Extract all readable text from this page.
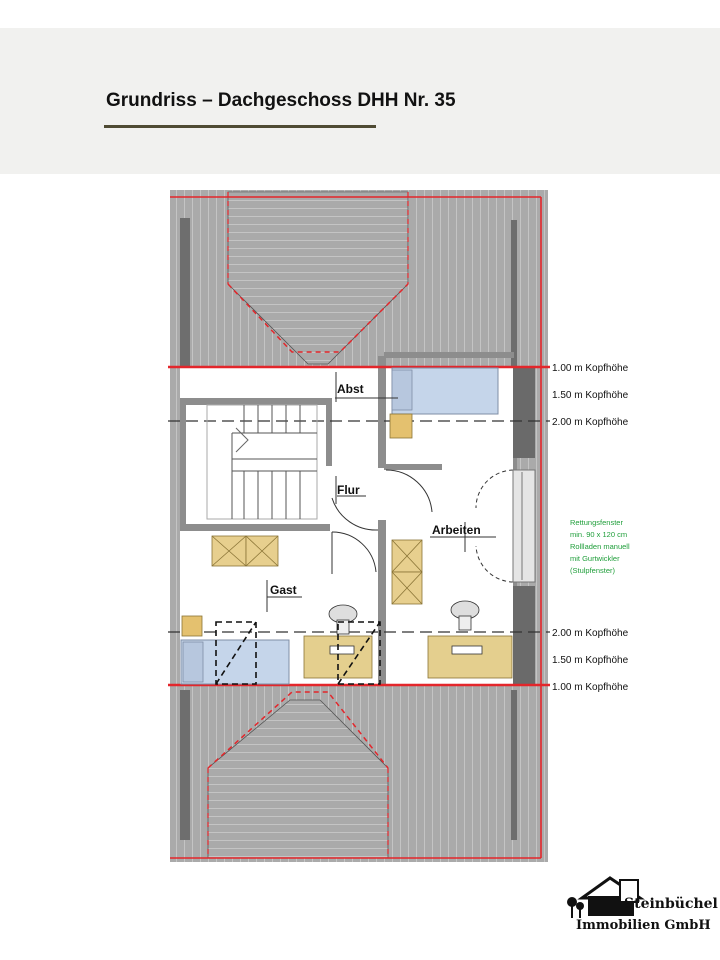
Grundriss – Dachgeschoss DHH Nr. 35
Abst
Flur
Arbeiten
Gast
1.00 m Kopfhöhe
1.50 m Kopfhöhe
2.00 m Kopfhöhe
2.00 m Kopfhöhe
1.50 m Kopfhöhe
1.00 m Kopfhöhe
Rettungsfenster
min. 90 x 120 cm
Rollladen manuell
mit Gurtwickler
(Stulpfenster)
Steinbüchel
Immobilien GmbH
